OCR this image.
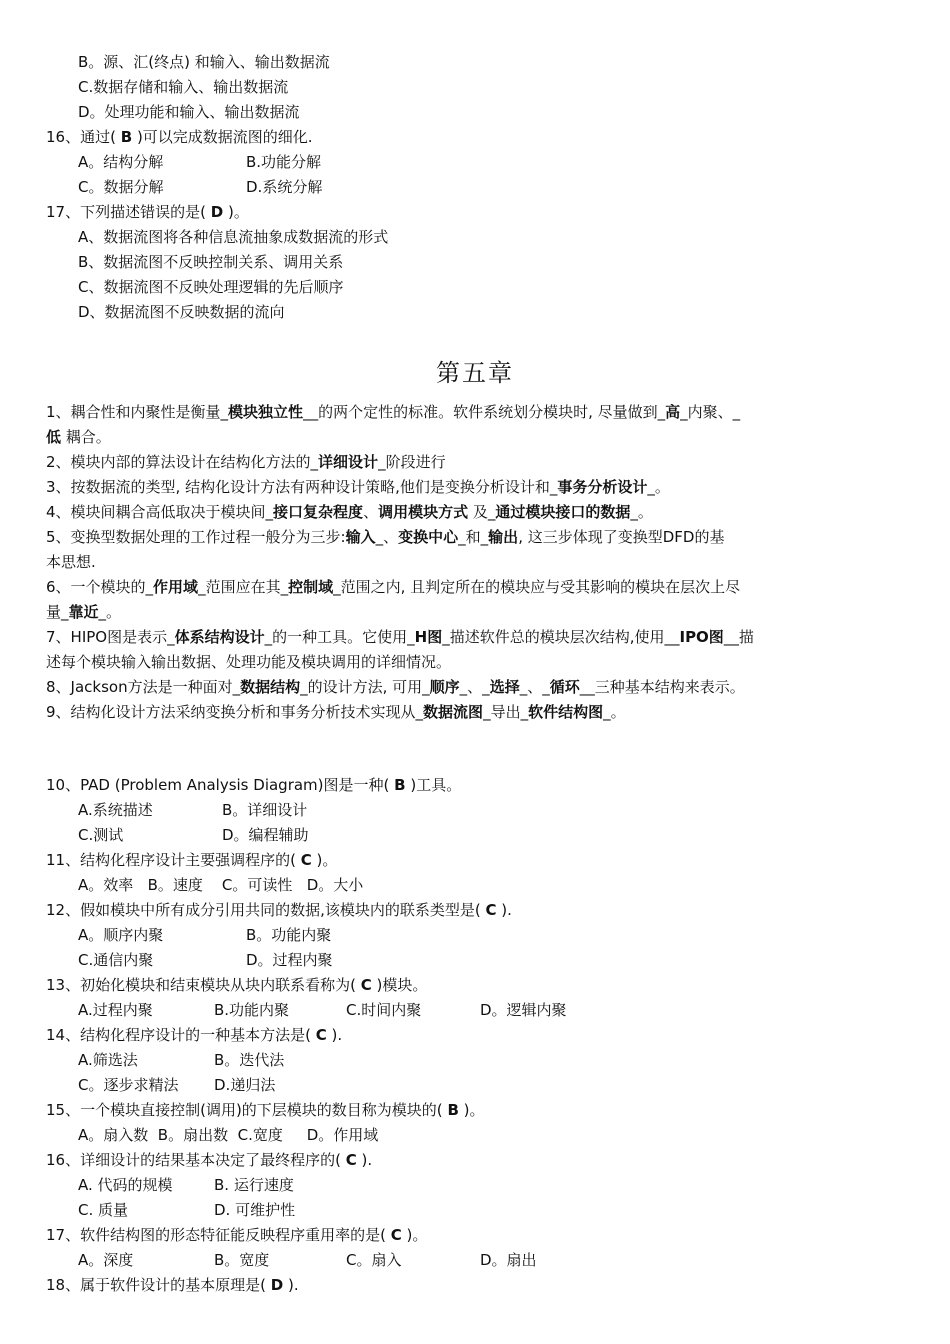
B。源、汇(终点) 和输入、输出数据流
C.数据存储和输入、输出数据流
D。处理功能和输入、输出数据流
16、通过( B )可以完成数据流图的细化.
A。结构分解	B.功能分解
C。数据分解	D.系统分解
17、下列描述错误的是( D )。
A、数据流图将各种信息流抽象成数据流的形式
B、数据流图不反映控制关系、调用关系
C、数据流图不反映处理逻辑的先后顺序
D、数据流图不反映数据的流向
第五章
1、耦合性和内聚性是衡量_模块独立性__的两个定性的标准。软件系统划分模块时, 尽量做到_高_内聚、_
低 耦合。
2、模块内部的算法设计在结构化方法的_详细设计_阶段进行
3、按数据流的类型, 结构化设计方法有两种设计策略,他们是变换分析设计和_事务分析设计_。
4、模块间耦合高低取决于模块间_接口复杂程度、调用模块方式 及_通过模块接口的数据_。
5、变换型数据处理的工作过程一般分为三步:输入_、变换中心_和_输出, 这三步体现了变换型DFD的基
本思想.
6、一个模块的_作用域_范围应在其_控制域_范围之内, 且判定所在的模块应与受其影响的模块在层次上尽
量_靠近_。
7、HIPO图是表示_体系结构设计_的一种工具。它使用_H图_描述软件总的模块层次结构,使用__IPO图__描
述每个模块输入输出数据、处理功能及模块调用的详细情况。
8、Jackson方法是一种面对_数据结构_的设计方法, 可用_顺序_、_选择_、_循环__三种基本结构来表示。
9、结构化设计方法采纳变换分析和事务分析技术实现从_数据流图_导出_软件结构图_。
10、PAD (Problem Analysis Diagram)图是一种( B )工具。
A.系统描述	B。详细设计
C.测试	D。编程辅助
11、结构化程序设计主要强调程序的( C )。
A。效率   B。速度    C。可读性   D。大小
12、假如模块中所有成分引用共同的数据,该模块内的联系类型是( C ).
A。顺序内聚	B。功能内聚
C.通信内聚	D。过程内聚
13、初始化模块和结束模块从块内联系看称为( C )模块。
A.过程内聚	B.功能内聚	C.时间内聚	D。逻辑内聚
14、结构化程序设计的一种基本方法是( C ).
A.筛选法	B。迭代法
C。逐步求精法 D.递归法
15、一个模块直接控制(调用)的下层模块的数目称为模块的( B )。
A。扇入数  B。扇出数  C.宽度     D。作用域
16、详细设计的结果基本决定了最终程序的( C ).
A. 代码的规模	B. 运行速度
C. 质量	D. 可维护性
17、软件结构图的形态特征能反映程序重用率的是( C )。
A。深度	B。宽度	C。扇入	D。扇出
18、属于软件设计的基本原理是( D ).
